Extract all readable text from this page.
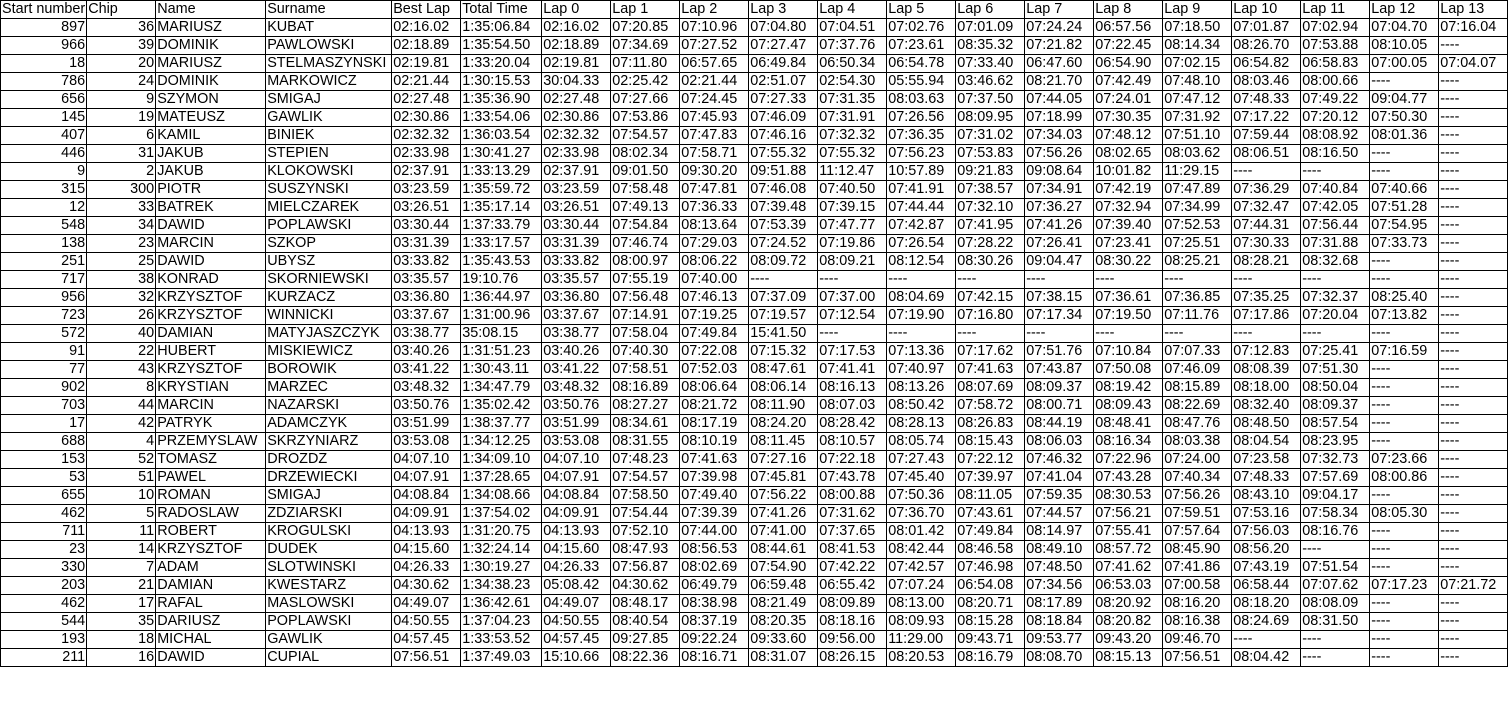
Start number	Chip	Name	Surname	Best Lap	Total Time	Lap 0	Lap 1	Lap 2	Lap 3	Lap 4	Lap 5	Lap 6	Lap 7	Lap 8	Lap 9	Lap 10	Lap 11	Lap 12	Lap 13
897	36	MARIUSZ	KUBAT	02:16.02	1:35:06.84	02:16.02	07:20.85	07:10.96	07:04.80	07:04.51	07:02.76	07:01.09	07:24.24	06:57.56	07:18.50	07:01.87	07:02.94	07:04.70	07:16.04
966	39	DOMINIK	PAWLOWSKI	02:18.89	1:35:54.50	02:18.89	07:34.69	07:27.52	07:27.47	07:37.76	07:23.61	08:35.32	07:21.82	07:22.45	08:14.34	08:26.70	07:53.88	08:10.05	----
18	20	MARIUSZ	STELMASZYNSKI	02:19.81	1:33:20.04	02:19.81	07:11.80	06:57.65	06:49.84	06:50.34	06:54.78	07:33.40	06:47.60	06:54.90	07:02.15	06:54.82	06:58.83	07:00.05	07:04.07
786	24	DOMINIK	MARKOWICZ	02:21.44	1:30:15.53	30:04.33	02:25.42	02:21.44	02:51.07	02:54.30	05:55.94	03:46.62	08:21.70	07:42.49	07:48.10	08:03.46	08:00.66	----	----
656	9	SZYMON	SMIGAJ	02:27.48	1:35:36.90	02:27.48	07:27.66	07:24.45	07:27.33	07:31.35	08:03.63	07:37.50	07:44.05	07:24.01	07:47.12	07:48.33	07:49.22	09:04.77	----
145	19	MATEUSZ	GAWLIK	02:30.86	1:33:54.06	02:30.86	07:53.86	07:45.93	07:46.09	07:31.91	07:26.56	08:09.95	07:18.99	07:30.35	07:31.92	07:17.22	07:20.12	07:50.30	----
407	6	KAMIL	BINIEK	02:32.32	1:36:03.54	02:32.32	07:54.57	07:47.83	07:46.16	07:32.32	07:36.35	07:31.02	07:34.03	07:48.12	07:51.10	07:59.44	08:08.92	08:01.36	----
446	31	JAKUB	STEPIEN	02:33.98	1:30:41.27	02:33.98	08:02.34	07:58.71	07:55.32	07:55.32	07:56.23	07:53.83	07:56.26	08:02.65	08:03.62	08:06.51	08:16.50	----	----
9	2	JAKUB	KLOKOWSKI	02:37.91	1:33:13.29	02:37.91	09:01.50	09:30.20	09:51.88	11:12.47	10:57.89	09:21.83	09:08.64	10:01.82	11:29.15	----	----	----	----
315	300	PIOTR	SUSZYNSKI	03:23.59	1:35:59.72	03:23.59	07:58.48	07:47.81	07:46.08	07:40.50	07:41.91	07:38.57	07:34.91	07:42.19	07:47.89	07:36.29	07:40.84	07:40.66	----
12	33	BATREK	MIELCZAREK	03:26.51	1:35:17.14	03:26.51	07:49.13	07:36.33	07:39.48	07:39.15	07:44.44	07:32.10	07:36.27	07:32.94	07:34.99	07:32.47	07:42.05	07:51.28	----
548	34	DAWID	POPLAWSKI	03:30.44	1:37:33.79	03:30.44	07:54.84	08:13.64	07:53.39	07:47.77	07:42.87	07:41.95	07:41.26	07:39.40	07:52.53	07:44.31	07:56.44	07:54.95	----
138	23	MARCIN	SZKOP	03:31.39	1:33:17.57	03:31.39	07:46.74	07:29.03	07:24.52	07:19.86	07:26.54	07:28.22	07:26.41	07:23.41	07:25.51	07:30.33	07:31.88	07:33.73	----
251	25	DAWID	UBYSZ	03:33.82	1:35:43.53	03:33.82	08:00.97	08:06.22	08:09.72	08:09.21	08:12.54	08:30.26	09:04.47	08:30.22	08:25.21	08:28.21	08:32.68	----	----
717	38	KONRAD	SKORNIEWSKI	03:35.57	19:10.76	03:35.57	07:55.19	07:40.00	----	----	----	----	----	----	----	----	----	----	----
956	32	KRZYSZTOF	KURZACZ	03:36.80	1:36:44.97	03:36.80	07:56.48	07:46.13	07:37.09	07:37.00	08:04.69	07:42.15	07:38.15	07:36.61	07:36.85	07:35.25	07:32.37	08:25.40	----
723	26	KRZYSZTOF	WINNICKI	03:37.67	1:31:00.96	03:37.67	07:14.91	07:19.25	07:19.57	07:12.54	07:19.90	07:16.80	07:17.34	07:19.50	07:11.76	07:17.86	07:20.04	07:13.82	----
572	40	DAMIAN	MATYJASZCZYK	03:38.77	35:08.15	03:38.77	07:58.04	07:49.84	15:41.50	----	----	----	----	----	----	----	----	----	----
91	22	HUBERT	MISKIEWICZ	03:40.26	1:31:51.23	03:40.26	07:40.30	07:22.08	07:15.32	07:17.53	07:13.36	07:17.62	07:51.76	07:10.84	07:07.33	07:12.83	07:25.41	07:16.59	----
77	43	KRZYSZTOF	BOROWIK	03:41.22	1:30:43.11	03:41.22	07:58.51	07:52.03	08:47.61	07:41.41	07:40.97	07:41.63	07:43.87	07:50.08	07:46.09	08:08.39	07:51.30	----	----
902	8	KRYSTIAN	MARZEC	03:48.32	1:34:47.79	03:48.32	08:16.89	08:06.64	08:06.14	08:16.13	08:13.26	08:07.69	08:09.37	08:19.42	08:15.89	08:18.00	08:50.04	----	----
703	44	MARCIN	NAZARSKI	03:50.76	1:35:02.42	03:50.76	08:27.27	08:21.72	08:11.90	08:07.03	08:50.42	07:58.72	08:00.71	08:09.43	08:22.69	08:32.40	08:09.37	----	----
17	42	PATRYK	ADAMCZYK	03:51.99	1:38:37.77	03:51.99	08:34.61	08:17.19	08:24.20	08:28.42	08:28.13	08:26.83	08:44.19	08:48.41	08:47.76	08:48.50	08:57.54	----	----
688	4	PRZEMYSLAW	SKRZYNIARZ	03:53.08	1:34:12.25	03:53.08	08:31.55	08:10.19	08:11.45	08:10.57	08:05.74	08:15.43	08:06.03	08:16.34	08:03.38	08:04.54	08:23.95	----	----
153	52	TOMASZ	DROZDZ	04:07.10	1:34:09.10	04:07.10	07:48.23	07:41.63	07:27.16	07:22.18	07:27.43	07:22.12	07:46.32	07:22.96	07:24.00	07:23.58	07:32.73	07:23.66	----
53	51	PAWEL	DRZEWIECKI	04:07.91	1:37:28.65	04:07.91	07:54.57	07:39.98	07:45.81	07:43.78	07:45.40	07:39.97	07:41.04	07:43.28	07:40.34	07:48.33	07:57.69	08:00.86	----
655	10	ROMAN	SMIGAJ	04:08.84	1:34:08.66	04:08.84	07:58.50	07:49.40	07:56.22	08:00.88	07:50.36	08:11.05	07:59.35	08:30.53	07:56.26	08:43.10	09:04.17	----	----
462	5	RADOSLAW	ZDZIARSKI	04:09.91	1:37:54.02	04:09.91	07:54.44	07:39.39	07:41.26	07:31.62	07:36.70	07:43.61	07:44.57	07:56.21	07:59.51	07:53.16	07:58.34	08:05.30	----
711	11	ROBERT	KROGULSKI	04:13.93	1:31:20.75	04:13.93	07:52.10	07:44.00	07:41.00	07:37.65	08:01.42	07:49.84	08:14.97	07:55.41	07:57.64	07:56.03	08:16.76	----	----
23	14	KRZYSZTOF	DUDEK	04:15.60	1:32:24.14	04:15.60	08:47.93	08:56.53	08:44.61	08:41.53	08:42.44	08:46.58	08:49.10	08:57.72	08:45.90	08:56.20	----	----	----
330	7	ADAM	SLOTWINSKI	04:26.33	1:30:19.27	04:26.33	07:56.87	08:02.69	07:54.90	07:42.22	07:42.57	07:46.98	07:48.50	07:41.62	07:41.86	07:43.19	07:51.54	----	----
203	21	DAMIAN	KWESTARZ	04:30.62	1:34:38.23	05:08.42	04:30.62	06:49.79	06:59.48	06:55.42	07:07.24	06:54.08	07:34.56	06:53.03	07:00.58	06:58.44	07:07.62	07:17.23	07:21.72
462	17	RAFAL	MASLOWSKI	04:49.07	1:36:42.61	04:49.07	08:48.17	08:38.98	08:21.49	08:09.89	08:13.00	08:20.71	08:17.89	08:20.92	08:16.20	08:18.20	08:08.09	----	----
544	35	DARIUSZ	POPLAWSKI	04:50.55	1:37:04.23	04:50.55	08:40.54	08:37.19	08:20.35	08:18.16	08:09.93	08:15.28	08:18.84	08:20.82	08:16.38	08:24.69	08:31.50	----	----
193	18	MICHAL	GAWLIK	04:57.45	1:33:53.52	04:57.45	09:27.85	09:22.24	09:33.60	09:56.00	11:29.00	09:43.71	09:53.77	09:43.20	09:46.70	----	----	----	----
211	16	DAWID	CUPIAL	07:56.51	1:37:49.03	15:10.66	08:22.36	08:16.71	08:31.07	08:26.15	08:20.53	08:16.79	08:08.70	08:15.13	07:56.51	08:04.42	----	----	----
